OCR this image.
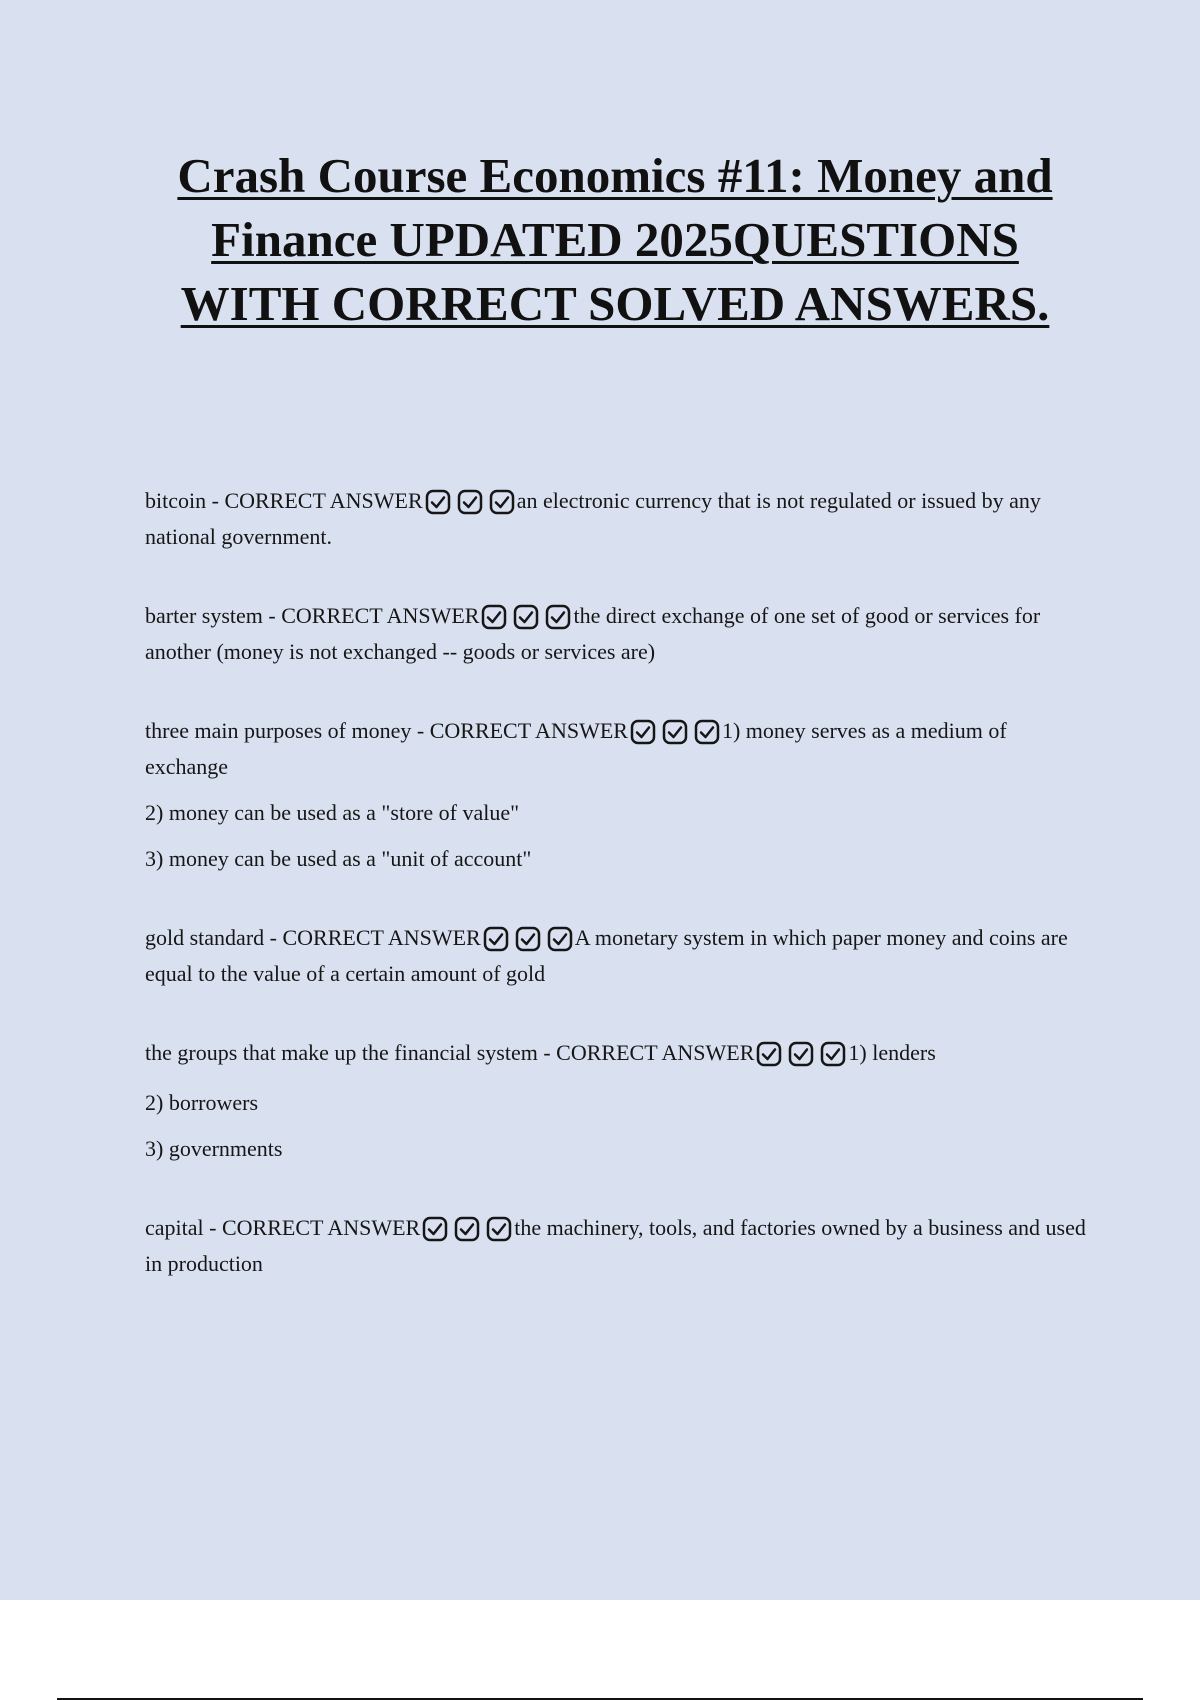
Crash Course Economics #11: Money and Finance UPDATED 2025QUESTIONS WITH CORRECT SOLVED ANSWERS.

bitcoin - CORRECT ANSWER	an electronic currency that is not regulated or issued by any national government.

barter system - CORRECT ANSWER	the direct exchange of one set of good or services for another (money is not exchanged -- goods or services are)

three main purposes of money - CORRECT ANSWER	1) money serves as a medium of exchange

2) money can be used as a "store of value"

3) money can be used as a "unit of account"

gold standard - CORRECT ANSWER	A monetary system in which paper money and coins are equal to the value of a certain amount of gold

the groups that make up the financial system - CORRECT ANSWER	1) lenders

2) borrowers

3) governments

capital - CORRECT ANSWER	the machinery, tools, and factories owned by a business and used in production
